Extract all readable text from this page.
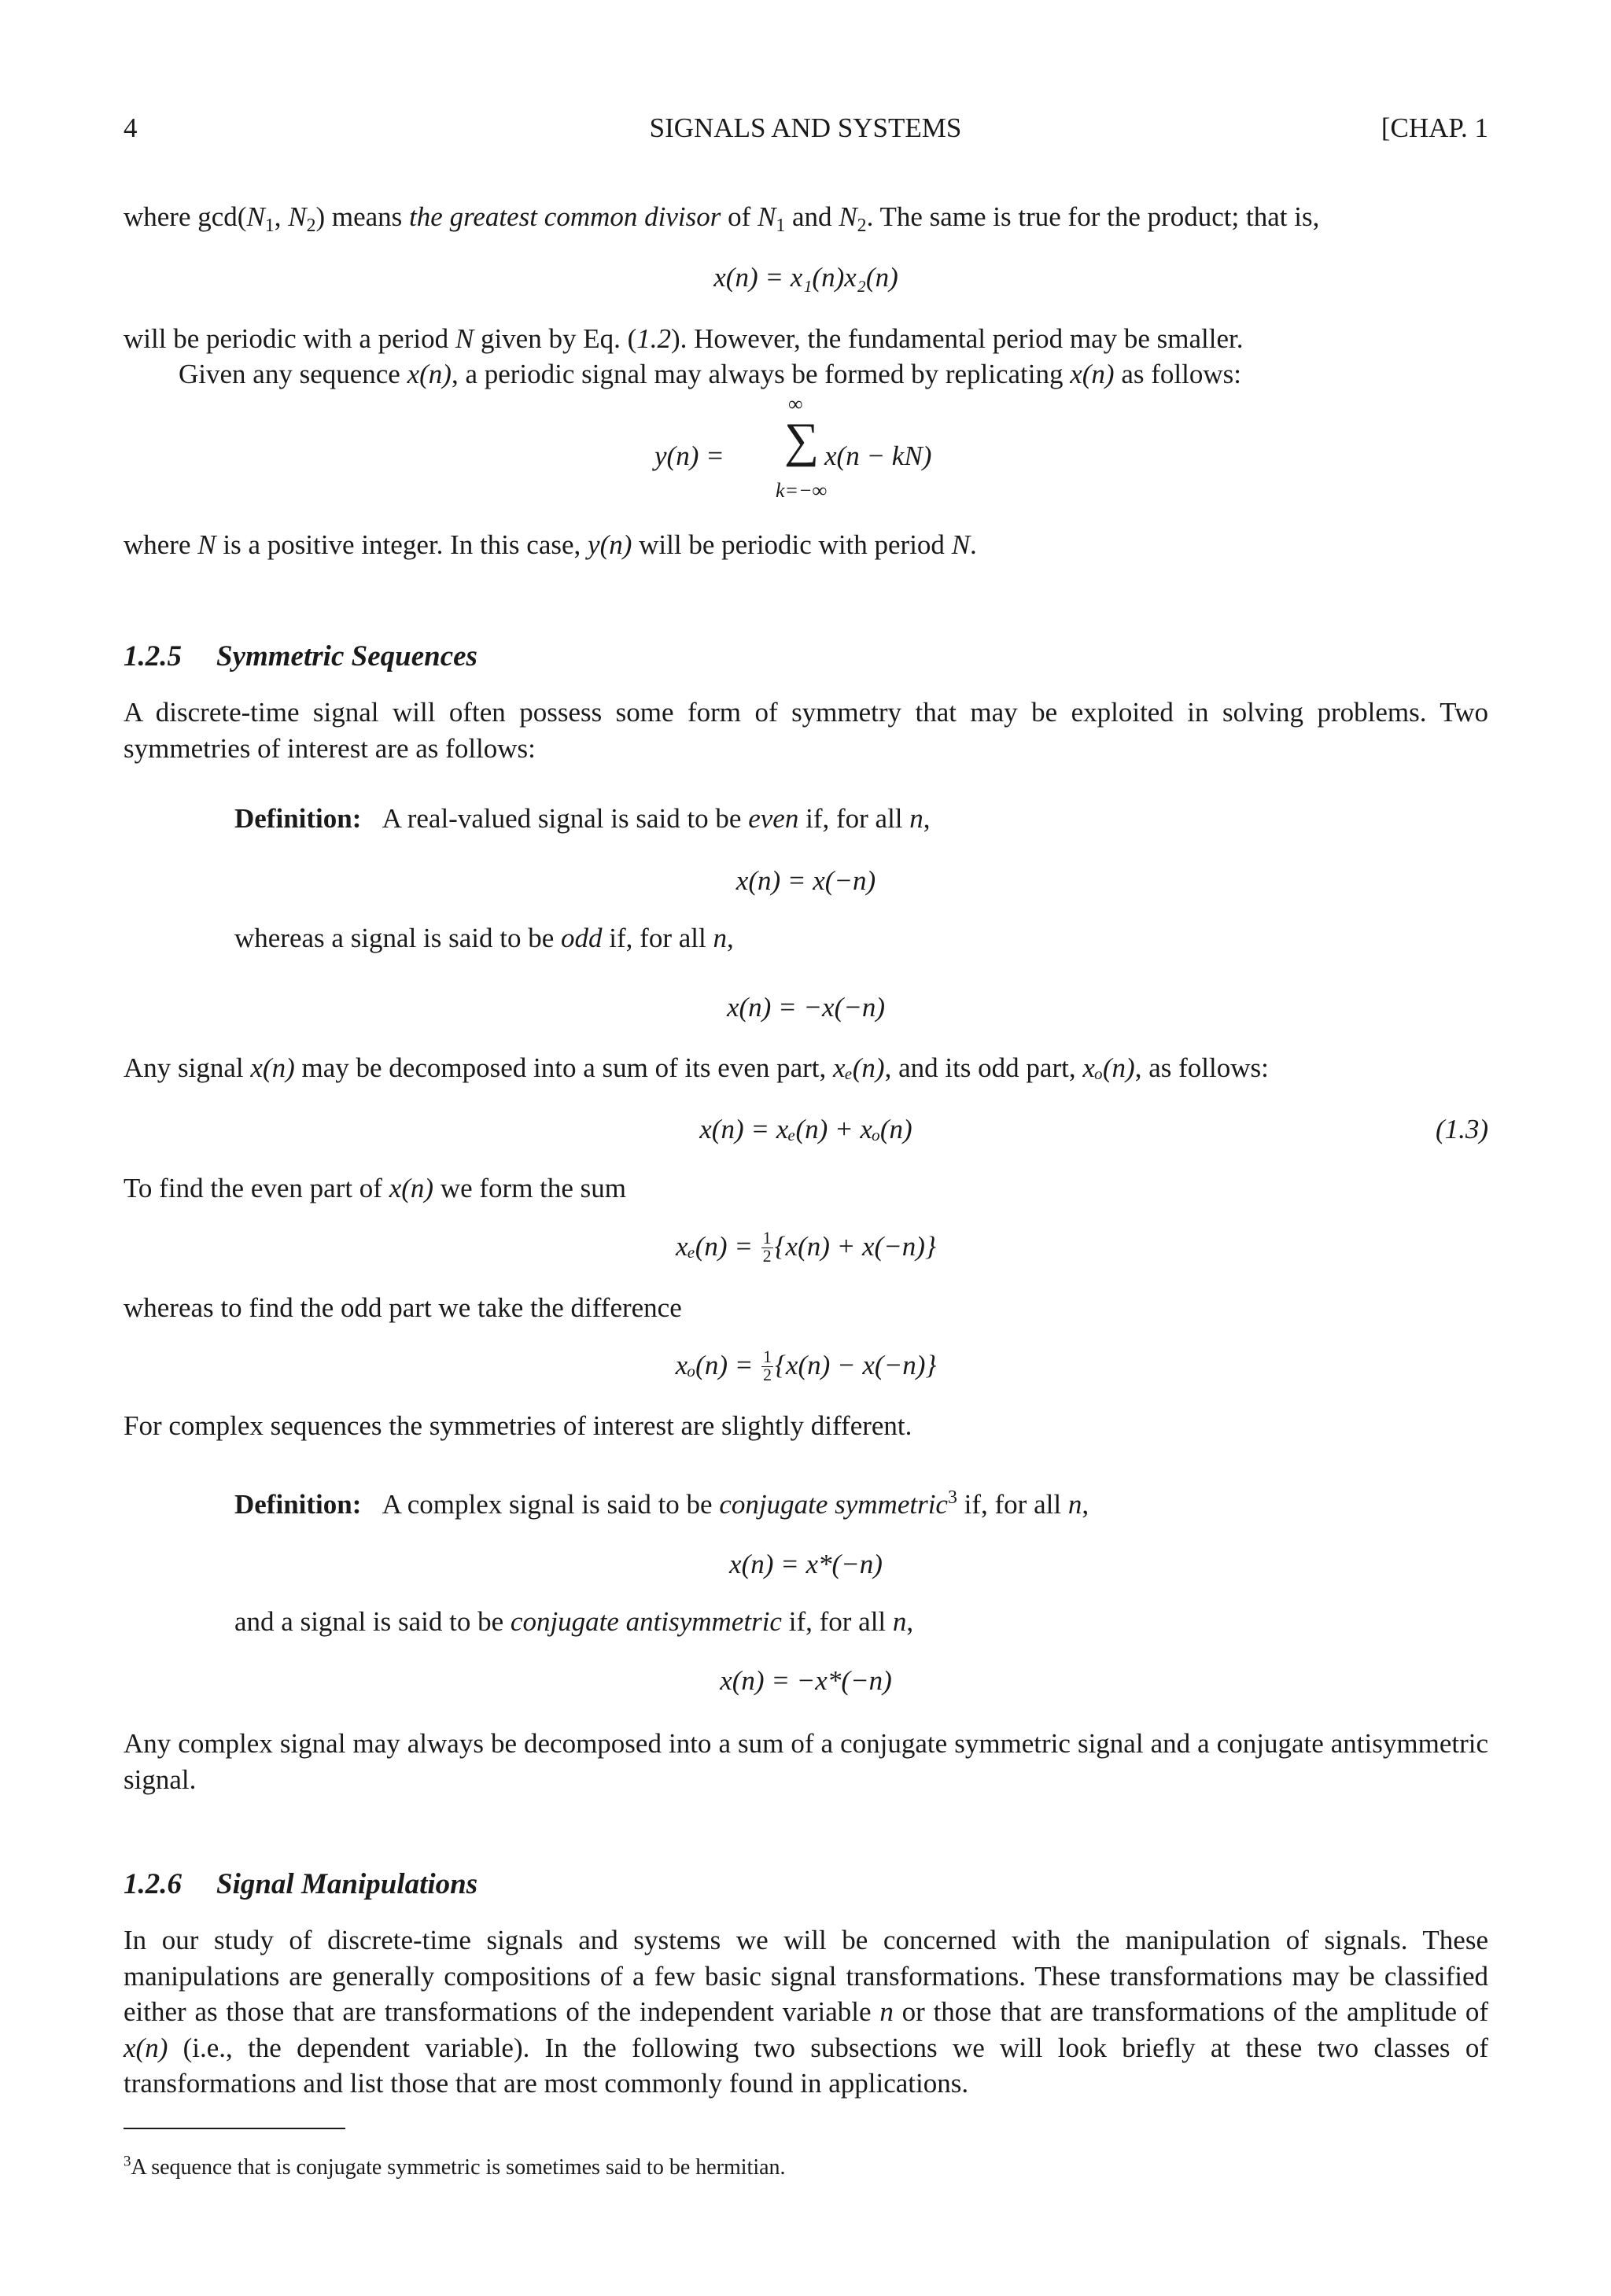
4	SIGNALS AND SYSTEMS	[CHAP. 1

where $\gcd(N_1$, $N_2$) means the greatest common divisor of $N_1$ and $N_2$. The same is true for the product; that is,

x(n) = x₁(n)x₂(n)

will be periodic with a period N given by Eq. (1.2). However, the fundamental period may be smaller.

Given any sequence x(n), a periodic signal may always be formed by replicating x(n) as follows:

y(n) =
∞
∑
k=−∞
x(n − kN)

where N is a positive integer. In this case, y(n) will be periodic with period N.

1.2.5 Symmetric Sequences

A discrete-time signal will often possess some form of symmetry that may be exploited in solving problems. Two symmetries of interest are as follows:

Definition: A real-valued signal is said to be even if, for all n,

x(n) = x(−n)

whereas a signal is said to be odd if, for all n,

x(n) = −x(−n)

Any signal x(n) may be decomposed into a sum of its even part, xₑ(n), and its odd part, xₒ(n), as follows:

x(n) = xₑ(n) + xₒ(n)	(1.3)

To find the even part of x(n) we form the sum

$x_e(n) = \frac{1}{2} \{x(n) + x(-n)\}$

whereas to find the odd part we take the difference

$x_o(n) = \frac{1}{2} \{x(n) - x(-n)\}$

For complex sequences the symmetries of interest are slightly different.

Definition: A complex signal is said to be conjugate symmetric$^3$ if, for all n,

x(n) = x*(−n)

and a signal is said to be conjugate antisymmetric if, for all n,

x(n) = −x*(−n)

Any complex signal may always be decomposed into a sum of a conjugate symmetric signal and a conjugate antisymmetric signal.

1.2.6 Signal Manipulations

In our study of discrete-time signals and systems we will be concerned with the manipulation of signals. These manipulations are generally compositions of a few basic signal transformations. These transformations may be classified either as those that are transformations of the independent variable n or those that are transformations of the amplitude of x(n) (i.e., the dependent variable). In the following two subsections we will look briefly at these two classes of transformations and list those that are most commonly found in applications.

$^3$A sequence that is conjugate symmetric is sometimes said to be hermitian.
